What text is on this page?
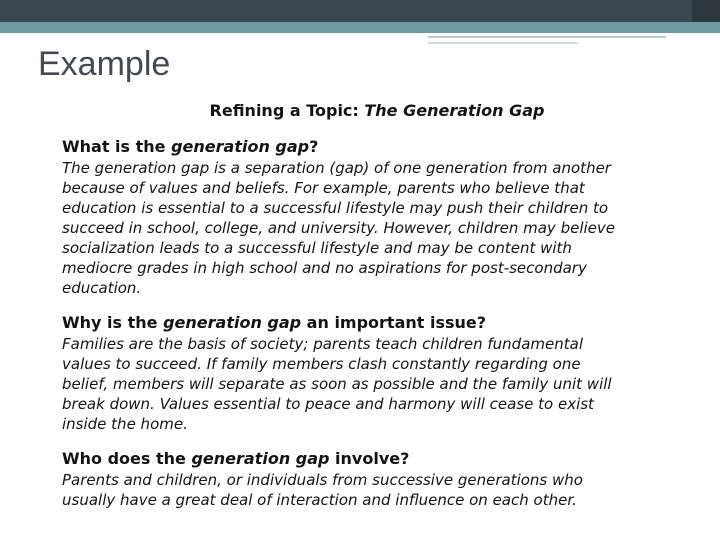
Example

Refining a Topic: The Generation Gap

What is the generation gap?

The generation gap is a separation (gap) of one generation from another
because of values and beliefs. For example, parents who believe that
education is essential to a successful lifestyle may push their children to
succeed in school, college, and university. However, children may believe
socialization leads to a successful lifestyle and may be content with
mediocre grades in high school and no aspirations for post-secondary
education.

Why is the generation gap an important issue?

Families are the basis of society; parents teach children fundamental
values to succeed. If family members clash constantly regarding one
belief, members will separate as soon as possible and the family unit will
break down. Values essential to peace and harmony will cease to exist
inside the home.

Who does the generation gap involve?

Parents and children, or individuals from successive generations who
usually have a great deal of interaction and influence on each other.
